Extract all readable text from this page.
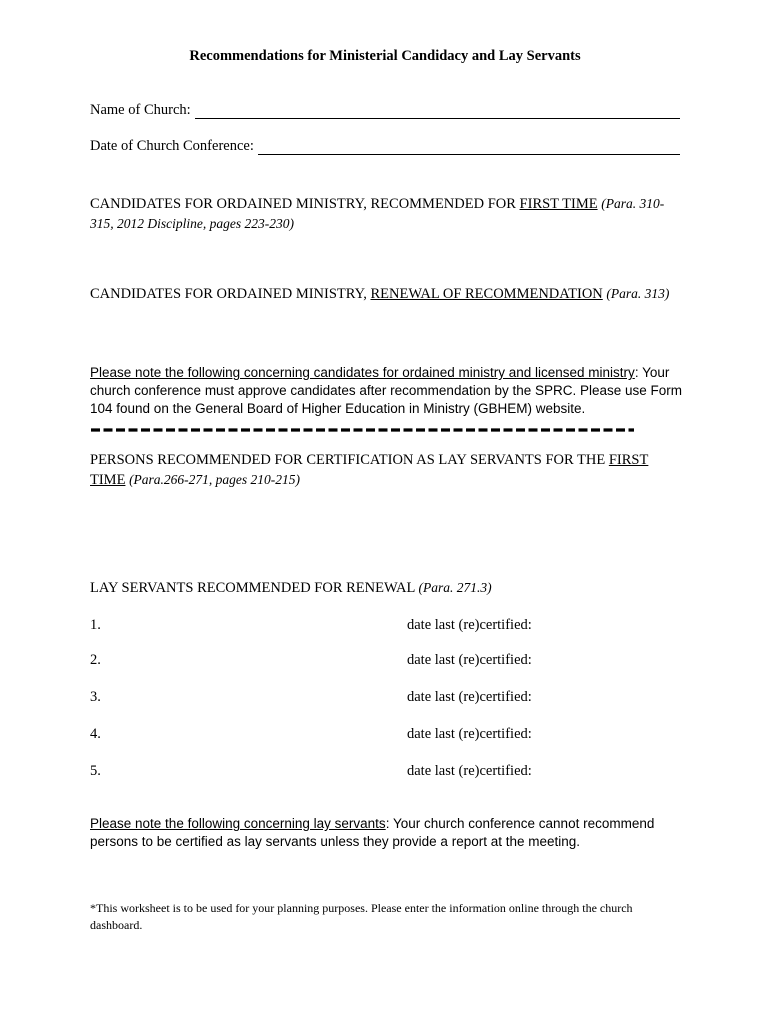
Recommendations for Ministerial Candidacy and Lay Servants
Name of Church:
Date of Church Conference:
CANDIDATES FOR ORDAINED MINISTRY, RECOMMENDED FOR FIRST TIME (Para. 310-315, 2012 Discipline, pages 223-230)
CANDIDATES FOR ORDAINED MINISTRY, RENEWAL OF RECOMMENDATION (Para. 313)
Please note the following concerning candidates for ordained ministry and licensed ministry: Your church conference must approve candidates after recommendation by the SPRC. Please use Form 104 found on the General Board of Higher Education in Ministry (GBHEM) website.
PERSONS RECOMMENDED FOR CERTIFICATION AS LAY SERVANTS FOR THE FIRST TIME (Para.266-271, pages 210-215)
LAY SERVANTS RECOMMENDED FOR RENEWAL (Para. 271.3)
1.	date last (re)certified:
2.	date last (re)certified:
3.	date last (re)certified:
4.	date last (re)certified:
5.	date last (re)certified:
Please note the following concerning lay servants: Your church conference cannot recommend persons to be certified as lay servants unless they provide a report at the meeting.
*This worksheet is to be used for your planning purposes. Please enter the information online through the church dashboard.
